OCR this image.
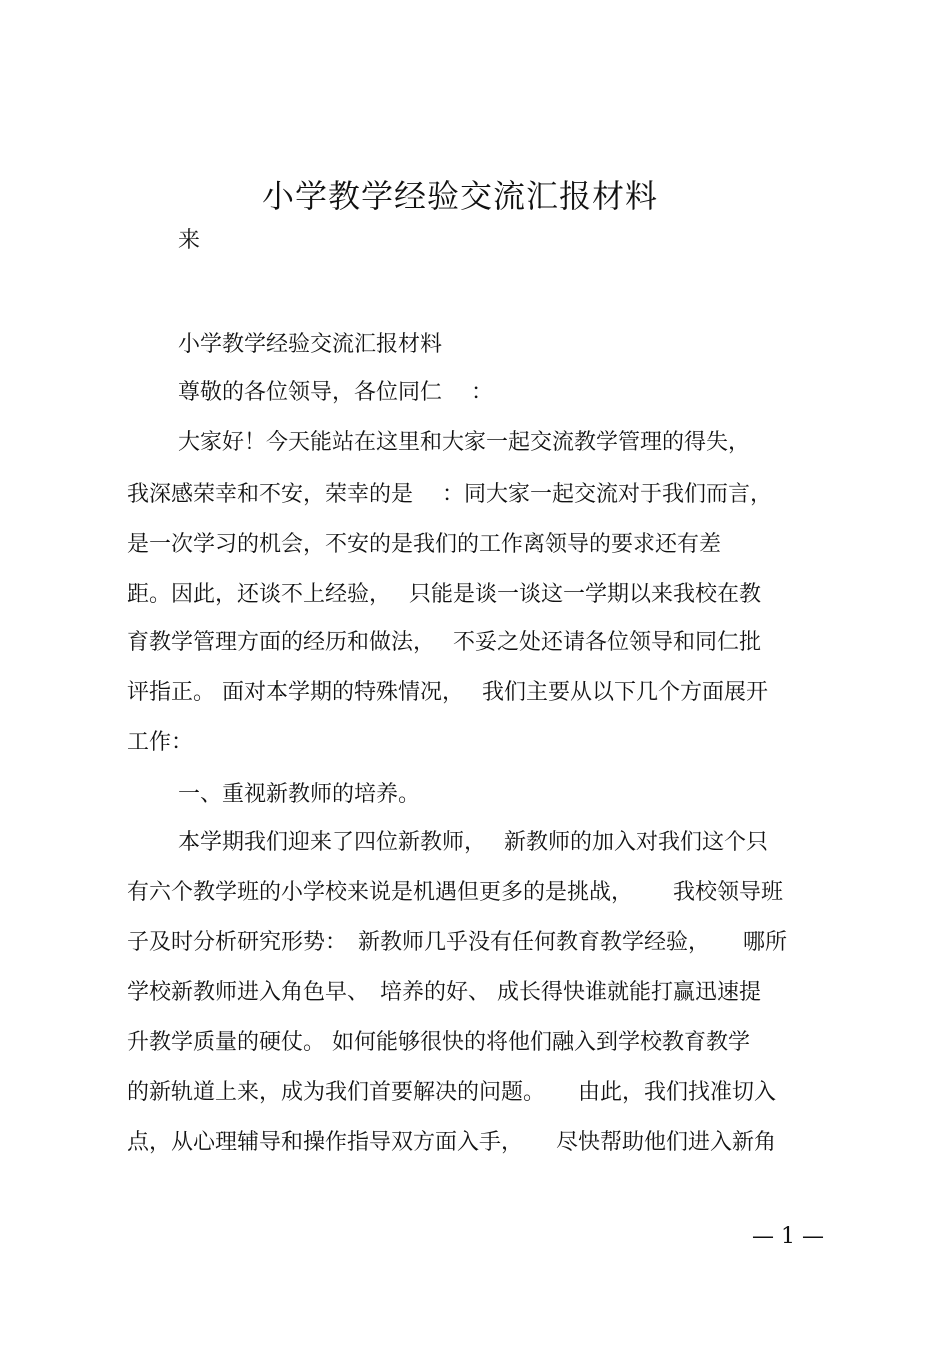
小学教学经验交流汇报材料
来
小学教学经验交流汇报材料
尊敬的各位领导，各位同仁　 ：
大家好！今天能站在这里和大家一起交流教学管理的得失，
我深感荣幸和不安，荣幸的是　 ：同大家一起交流对于我们而言，
是一次学习的机会，不安的是我们的工作离领导的要求还有差
距。因此，还谈不上经验，　 只能是谈一谈这一学期以来我校在教
育教学管理方面的经历和做法，　 不妥之处还请各位领导和同仁批
评指正。 面对本学期的特殊情况，　 我们主要从以下几个方面展开
工作：
一、重视新教师的培养。
本学期我们迎来了四位新教师，　 新教师的加入对我们这个只
有六个教学班的小学校来说是机遇但更多的是挑战，　　 我校领导班
子及时分析研究形势：　新教师几乎没有任何教育教学经验，　　哪所
学校新教师进入角色早、　培养的好、 成长得快谁就能打赢迅速提
升教学质量的硬仗。 如何能够很快的将他们融入到学校教育教学
的新轨道上来，成为我们首要解决的问题。　　由此，我们找准切入
点，从心理辅导和操作指导双方面入手，　　尽快帮助他们进入新角
— 1 —
